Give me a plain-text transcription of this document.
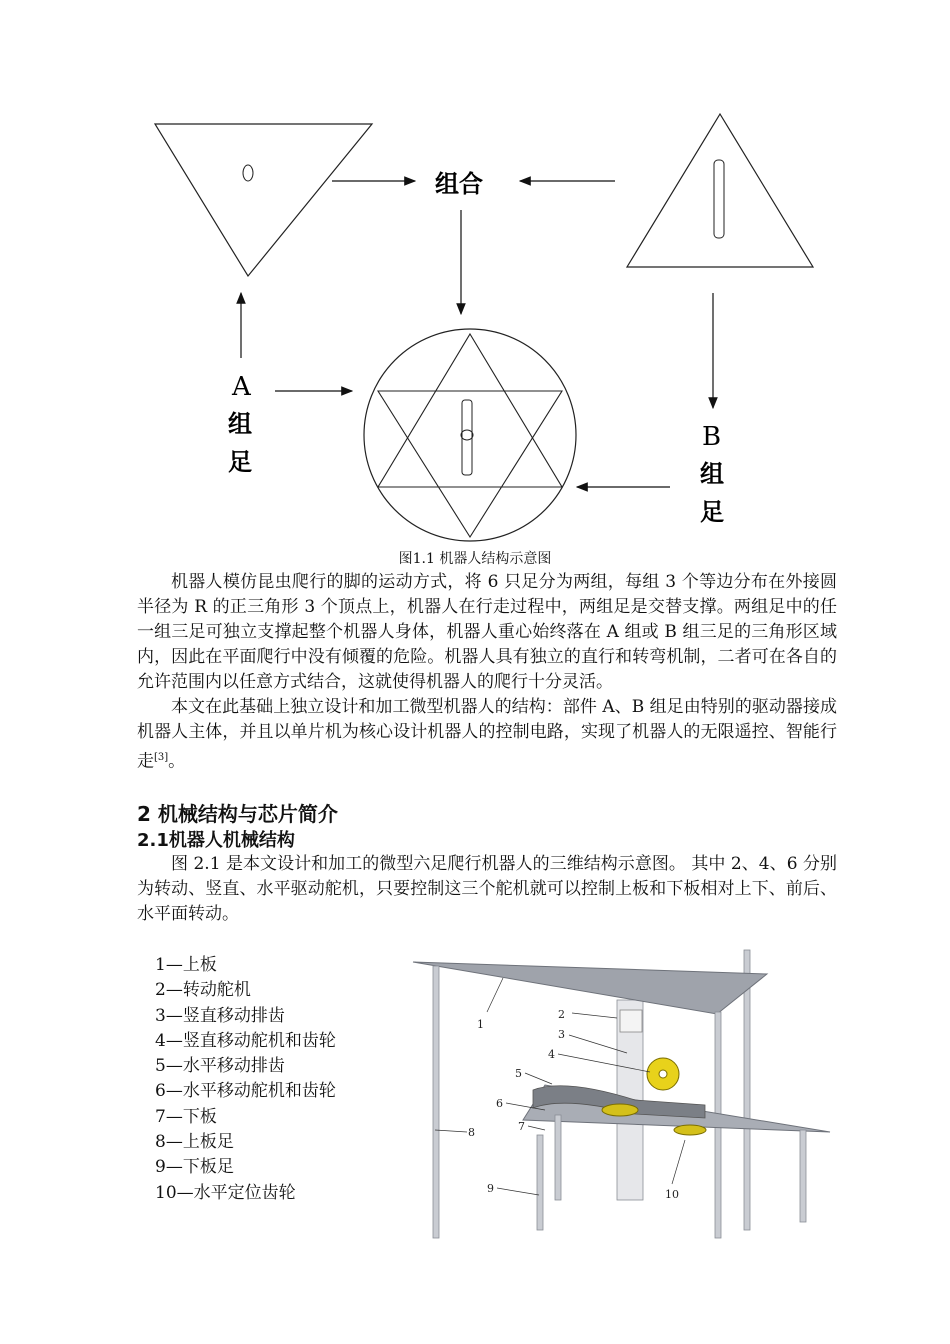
组合
A
组
足
B
组
足
图1.1 机器人结构示意图

机器人模仿昆虫爬行的脚的运动方式，将 6 只足分为两组，每组 3 个等边分布在外接圆半径为 R 的正三角形 3 个顶点上，机器人在行走过程中，两组足是交替支撑。两组足中的任一组三足可独立支撑起整个机器人身体，机器人重心始终落在 A 组或 B 组三足的三角形区域内，因此在平面爬行中没有倾覆的危险。机器人具有独立的直行和转弯机制，二者可在各自的允许范围内以任意方式结合，这就使得机器人的爬行十分灵活。

本文在此基础上独立设计和加工微型机器人的结构：部件 A、B 组足由特别的驱动器接成机器人主体，并且以单片机为核心设计机器人的控制电路，实现了机器人的无限遥控、智能行走[3]。

2 机械结构与芯片简介
2.1机器人机械结构

图 2.1 是本文设计和加工的微型六足爬行机器人的三维结构示意图。 其中 2、4、6 分别为转动、竖直、水平驱动舵机，只要控制这三个舵机就可以控制上板和下板相对上下、前后、水平面转动。

1—上板
2—转动舵机
3—竖直移动排齿
4—竖直移动舵机和齿轮
5—水平移动排齿
6—水平移动舵机和齿轮
7—下板
8—上板足
9—下板足
10—水平定位齿轮
1
2
3
4
5
6
7
8
9	10
